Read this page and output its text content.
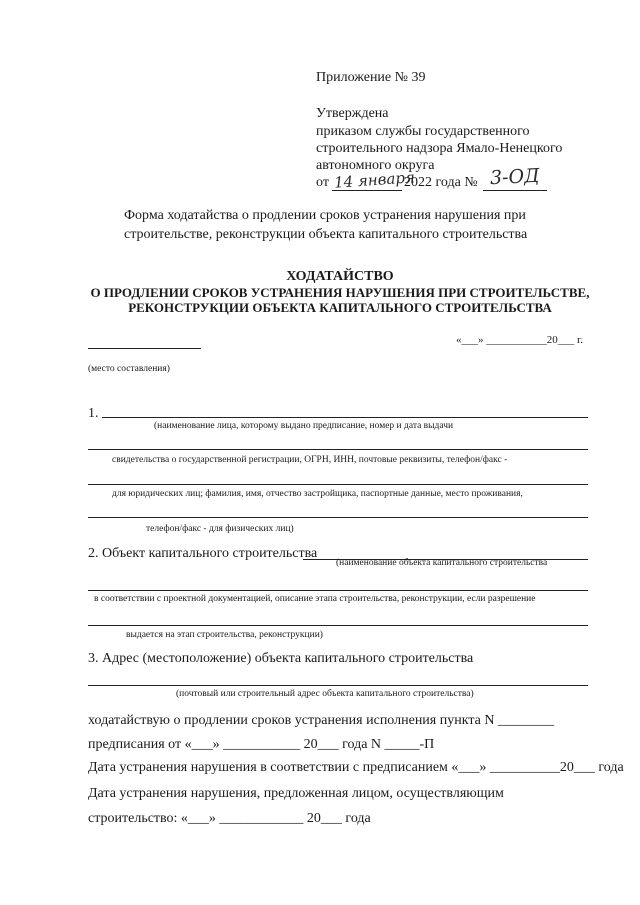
Приложение № 39
Утверждена
приказом службы государственного
строительного надзора Ямало-Ненецкого
автономного округа
от 14 января
2022 года № 3-ОД
Форма ходатайства о продлении сроков устранения нарушения при
строительстве, реконструкции объекта капитального строительства
ХОДАТАЙСТВО
О ПРОДЛЕНИИ СРОКОВ УСТРАНЕНИЯ НАРУШЕНИЯ ПРИ СТРОИТЕЛЬСТВЕ,
РЕКОНСТРУКЦИИ ОБЪЕКТА КАПИТАЛЬНОГО СТРОИТЕЛЬСТВА
«___» ___________20___ г.
(место составления)
1.
(наименование лица, которому выдано предписание, номер и дата выдачи
свидетельства о государственной регистрации, ОГРН, ИНН, почтовые реквизиты, телефон/факс -
для юридических лиц; фамилия, имя, отчество застройщика, паспортные данные, место проживания,
телефон/факс - для физических лиц)
2. Объект капитального строительства
(наименование объекта капитального строительства
в соответствии с проектной документацией, описание этапа строительства, реконструкции, если разрешение
выдается на этап строительства, реконструкции)
3. Адрес (местоположение) объекта капитального строительства
(почтовый или строительный адрес объекта капитального строительства)
ходатайствую о продлении сроков устранения исполнения пункта N ________
предписания от «___» ___________ 20___ года N _____-П
Дата устранения нарушения в соответствии с предписанием «___» __________20___ года
Дата устранения нарушения, предложенная лицом, осуществляющим
строительство: «___» ____________ 20___ года
